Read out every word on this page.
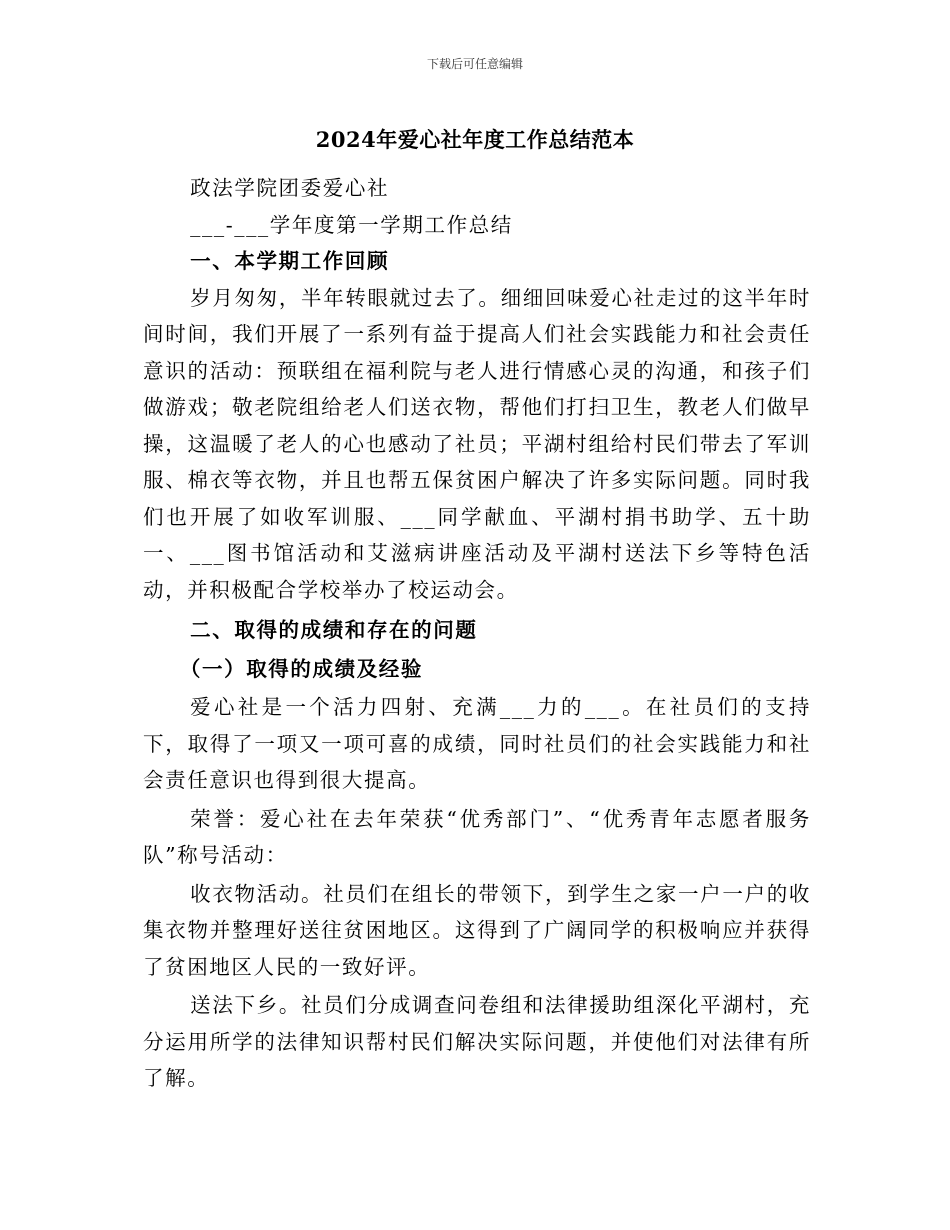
下载后可任意编辑
2024年爱心社年度工作总结范本

政法学院团委爱心社

___-___学年度第一学期工作总结

一、本学期工作回顾

岁月匆匆，半年转眼就过去了。细细回味爱心社走过的这半年时间时间，我们开展了一系列有益于提高人们社会实践能力和社会责任意识的活动：预联组在福利院与老人进行情感心灵的沟通，和孩子们做游戏；敬老院组给老人们送衣物，帮他们打扫卫生，教老人们做早操，这温暖了老人的心也感动了社员；平湖村组给村民们带去了军训服、棉衣等衣物，并且也帮五保贫困户解决了许多实际问题。同时我们也开展了如收军训服、___同学献血、平湖村捐书助学、五十助一、___图书馆活动和艾滋病讲座活动及平湖村送法下乡等特色活动，并积极配合学校举办了校运动会。

二、取得的成绩和存在的问题

（一）取得的成绩及经验

爱心社是一个活力四射、充满___力的___。在社员们的支持下，取得了一项又一项可喜的成绩，同时社员们的社会实践能力和社会责任意识也得到很大提高。

荣誉：爱心社在去年荣获“优秀部门”、“优秀青年志愿者服务队”称号活动：

收衣物活动。社员们在组长的带领下，到学生之家一户一户的收集衣物并整理好送往贫困地区。这得到了广阔同学的积极响应并获得了贫困地区人民的一致好评。

送法下乡。社员们分成调查问卷组和法律援助组深化平湖村，充分运用所学的法律知识帮村民们解决实际问题，并使他们对法律有所了解。
